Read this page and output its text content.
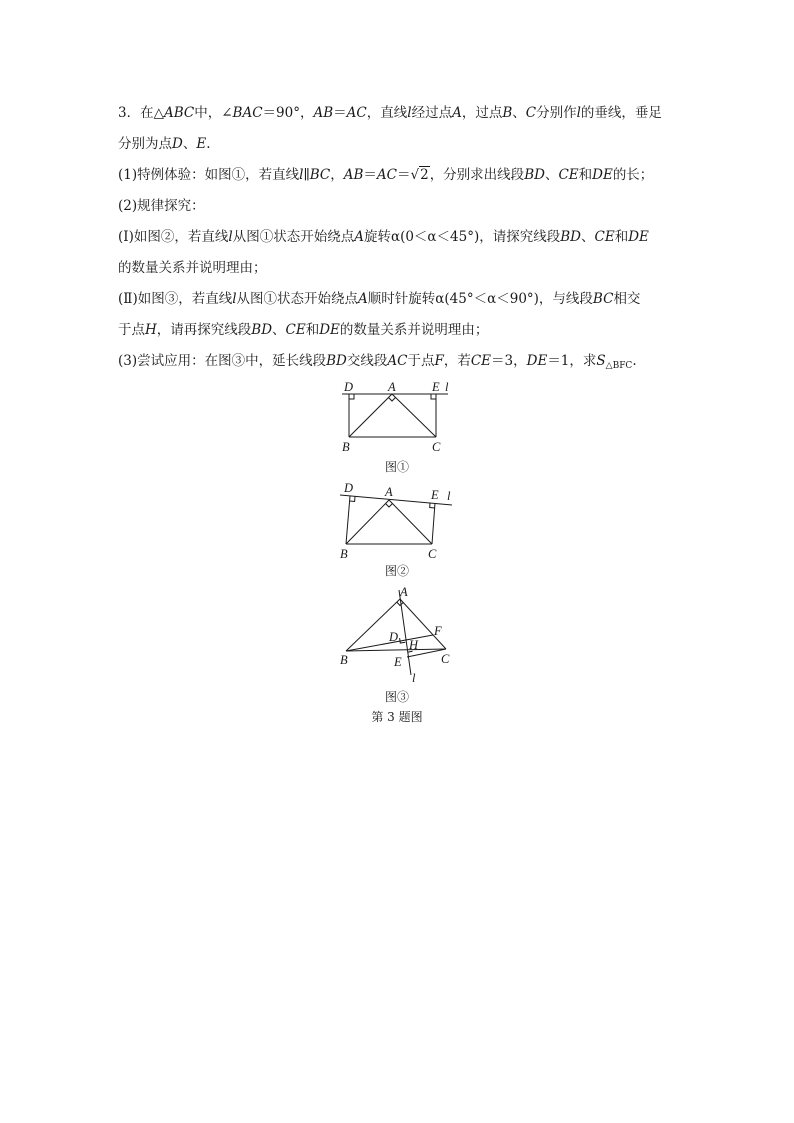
3．在△ABC中，∠BAC＝90°，AB＝AC，直线l经过点A，过点B、C分别作l的垂线，垂足

分别为点D、E.

(1)特例体验：如图①，若直线l∥BC，AB＝AC＝√2，分别求出线段BD、CE和DE的长；

(2)规律探究：

(Ⅰ)如图②，若直线l从图①状态开始绕点A旋转α(0＜α＜45°)，请探究线段BD、CE和DE

的数量关系并说明理由；

(Ⅱ)如图③，若直线l从图①状态开始绕点A顺时针旋转α(45°＜α＜90°)，与线段BC相交

于点H，请再探究线段BD、CE和DE的数量关系并说明理由；

(3)尝试应用：在图③中，延长线段BD交线段AC于点F，若CE＝3，DE＝1，求$S_{\triangle BFC}$.

D	A	E l
B	C
图①
D	A	E l
B	C
图②
A
F
D
H
B	E	C
l
图③
第 3 题图
